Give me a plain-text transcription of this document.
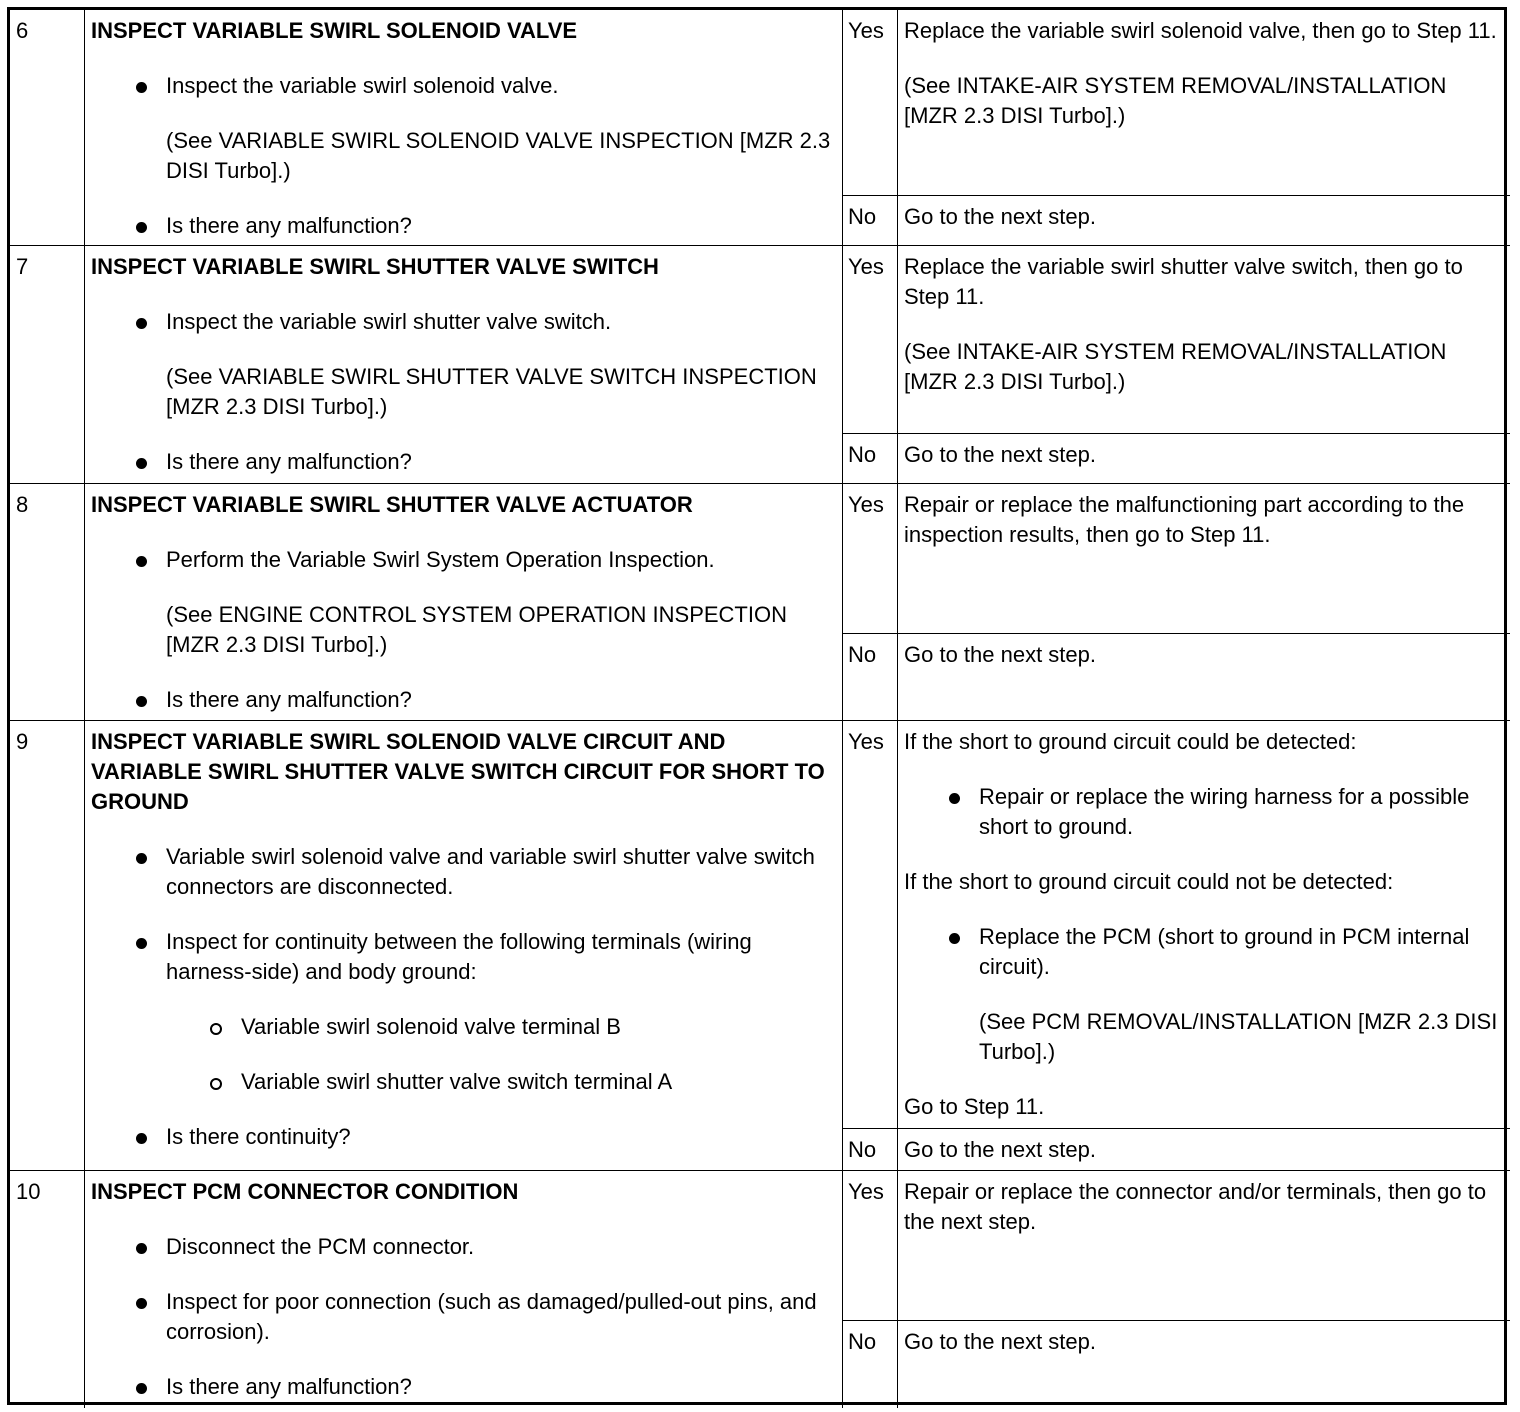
6	INSPECT VARIABLE SWIRL SOLENOID VALVE
Inspect the variable swirl solenoid valve.
(See VARIABLE SWIRL SOLENOID VALVE INSPECTION [MZR 2.3 DISI Turbo].)
Is there any malfunction?
Yes Replace the variable swirl solenoid valve, then go to Step 11.
(See INTAKE-AIR SYSTEM REMOVAL/INSTALLATION [MZR 2.3 DISI Turbo].)
No	Go to the next step.
7	INSPECT VARIABLE SWIRL SHUTTER VALVE SWITCH
Inspect the variable swirl shutter valve switch.
(See VARIABLE SWIRL SHUTTER VALVE SWITCH INSPECTION [MZR 2.3 DISI Turbo].)
Is there any malfunction?
Yes Replace the variable swirl shutter valve switch, then go to Step 11.
(See INTAKE-AIR SYSTEM REMOVAL/INSTALLATION [MZR 2.3 DISI Turbo].)
No	Go to the next step.
8	INSPECT VARIABLE SWIRL SHUTTER VALVE ACTUATOR
Perform the Variable Swirl System Operation Inspection.
(See ENGINE CONTROL SYSTEM OPERATION INSPECTION [MZR 2.3 DISI Turbo].)
Is there any malfunction?
Yes Repair or replace the malfunctioning part according to the inspection results, then go to Step 11.
No	Go to the next step.
9	INSPECT VARIABLE SWIRL SOLENOID VALVE CIRCUIT AND VARIABLE SWIRL SHUTTER VALVE SWITCH CIRCUIT FOR SHORT TO GROUND
Variable swirl solenoid valve and variable swirl shutter valve switch connectors are disconnected.
Inspect for continuity between the following terminals (wiring harness-side) and body ground:
Variable swirl solenoid valve terminal B
Variable swirl shutter valve switch terminal A
Is there continuity?
Yes If the short to ground circuit could be detected:
Repair or replace the wiring harness for a possible short to ground.
If the short to ground circuit could not be detected:
Replace the PCM (short to ground in PCM internal circuit).
(See PCM REMOVAL/INSTALLATION [MZR 2.3 DISI Turbo].)
Go to Step 11.
No	Go to the next step.
10	INSPECT PCM CONNECTOR CONDITION
Disconnect the PCM connector.
Inspect for poor connection (such as damaged/pulled-out pins, and corrosion).
Is there any malfunction?
Yes Repair or replace the connector and/or terminals, then go to the next step.
No	Go to the next step.
